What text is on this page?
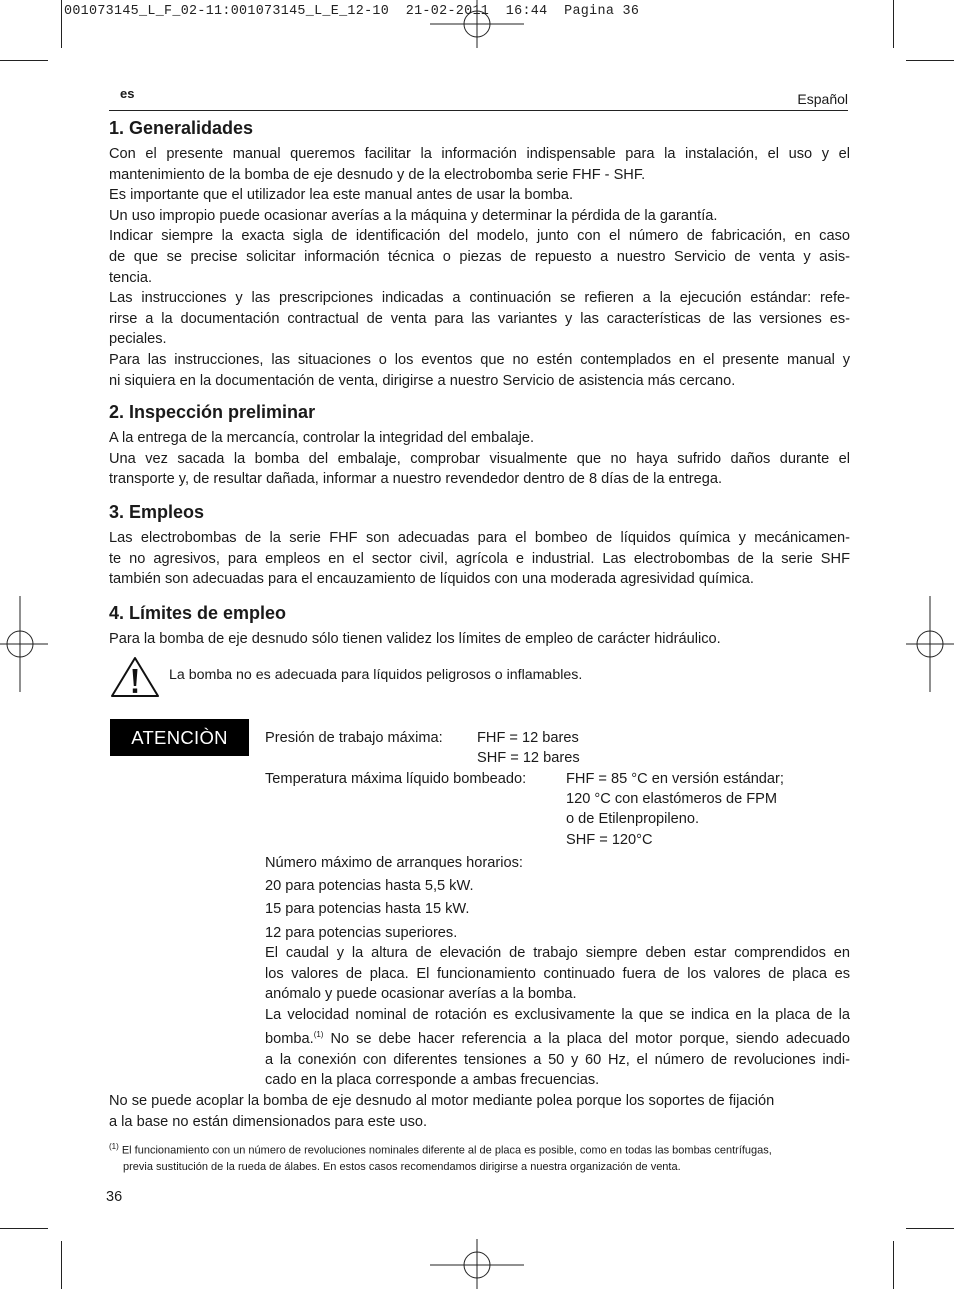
001073145_L_F_02-11:001073145_L_E_12-10  21-02-2011  16:44  Pagina 36
es	Español
1. Generalidades
Con el presente manual queremos facilitar la información indispensable para la instalación, el uso y el
mantenimiento de la bomba de eje desnudo y de la electrobomba serie FHF - SHF.
Es importante que el utilizador lea este manual antes de usar la bomba.
Un uso impropio puede ocasionar averías a la máquina y determinar la pérdida de la garantía.
Indicar siempre la exacta sigla de identificación del modelo, junto con el número de fabricación, en caso
de que se precise solicitar información técnica o piezas de repuesto a nuestro Servicio de venta y asis-
tencia.
Las instrucciones y las prescripciones indicadas a continuación se refieren a la ejecución estándar: refe-
rirse a la documentación contractual de venta para las variantes y las características de las versiones es-
peciales.
Para las instrucciones, las situaciones o los eventos que no estén contemplados en el presente manual y
ni siquiera en la documentación de venta, dirigirse a nuestro Servicio de asistencia más cercano.
2. Inspección preliminar
A la entrega de la mercancía, controlar la integridad del embalaje.
Una vez sacada la bomba del embalaje, comprobar visualmente que no haya sufrido daños durante el
transporte y, de resultar dañada, informar a nuestro revendedor dentro de 8 días de la entrega.
3. Empleos
Las electrobombas de la serie FHF son adecuadas para el bombeo de líquidos química y mecánicamen-
te no agresivos, para empleos en el sector civil, agrícola e industrial. Las electrobombas de la serie SHF
también son adecuadas para el encauzamiento de líquidos con una moderada agresividad química.
4. Límites de empleo
Para la bomba de eje desnudo sólo tienen validez los límites de empleo de carácter hidráulico.
La bomba no es adecuada para líquidos peligrosos o inflamables.
ATENCIÒN	Presión de trabajo máxima: FHF = 12 bares
SHF = 12 bares
Temperatura máxima líquido bombeado:	FHF = 85 °C en versión estándar;
120 °C con elastómeros de FPM
o de Etilenpropileno.
SHF = 120°C
Número máximo de arranques horarios:
20 para potencias hasta 5,5 kW.
15 para potencias hasta 15 kW.
12 para potencias superiores.
El caudal y la altura de elevación de trabajo siempre deben estar comprendidos en
los valores de placa. El funcionamiento continuado fuera de los valores de placa es
anómalo y puede ocasionar averías a la bomba.
La velocidad nominal de rotación es exclusivamente la que se indica en la placa de la
bomba.$^{(1)}$ No se debe hacer referencia a la placa del motor porque, siendo adecuado
a la conexión con diferentes tensiones a 50 y 60 Hz, el número de revoluciones indi-
cado en la placa corresponde a ambas frecuencias.
No se puede acoplar la bomba de eje desnudo al motor mediante polea porque los soportes de fijación
a la base no están dimensionados para este uso.
$^{(1)}$ El funcionamiento con un número de revoluciones nominales diferente al de placa es posible, como en todas las bombas centrífugas,
previa sustitución de la rueda de álabes. En estos casos recomendamos dirigirse a nuestra organización de venta.
36
